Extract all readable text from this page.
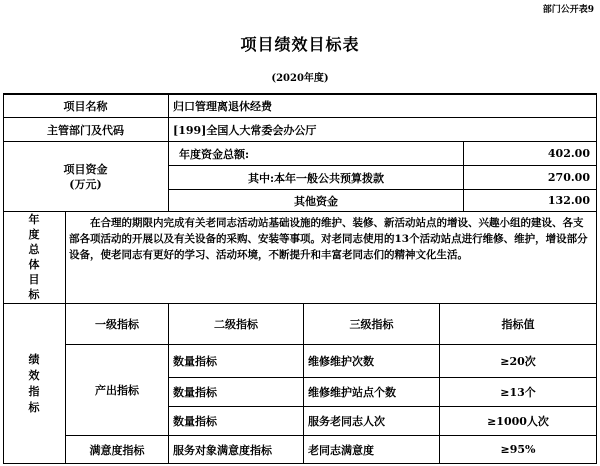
部门公开表9
项目绩效目标表
(2020年度)
项目名称	归口管理离退休经费
主管部门及代码	[199]全国人大常委会办公厅
项目资金
(万元)
年度资金总额:	402.00
其中:本年一般公共预算拨款	270.00
其他资金	132.00
年
度
总
体
目
标
在合理的期限内完成有关老同志活动站基础设施的维护、装修、新活动站点的增设、兴趣小组的建设、各支部各项活动的开展以及有关设备的采购、安装等事项。对老同志使用的13个活动站点进行维修、维护，增设部分设备，使老同志有更好的学习、活动环境，不断提升和丰富老同志们的精神文化生活。
绩
效
指
标
一级指标	二级指标	三级指标	指标值
产出指标
数量指标	维修维护次数	≥20次
数量指标	维修维护站点个数	≥13个
数量指标	服务老同志人次	≥1000人次
满意度指标	服务对象满意度指标	老同志满意度	≥95%
